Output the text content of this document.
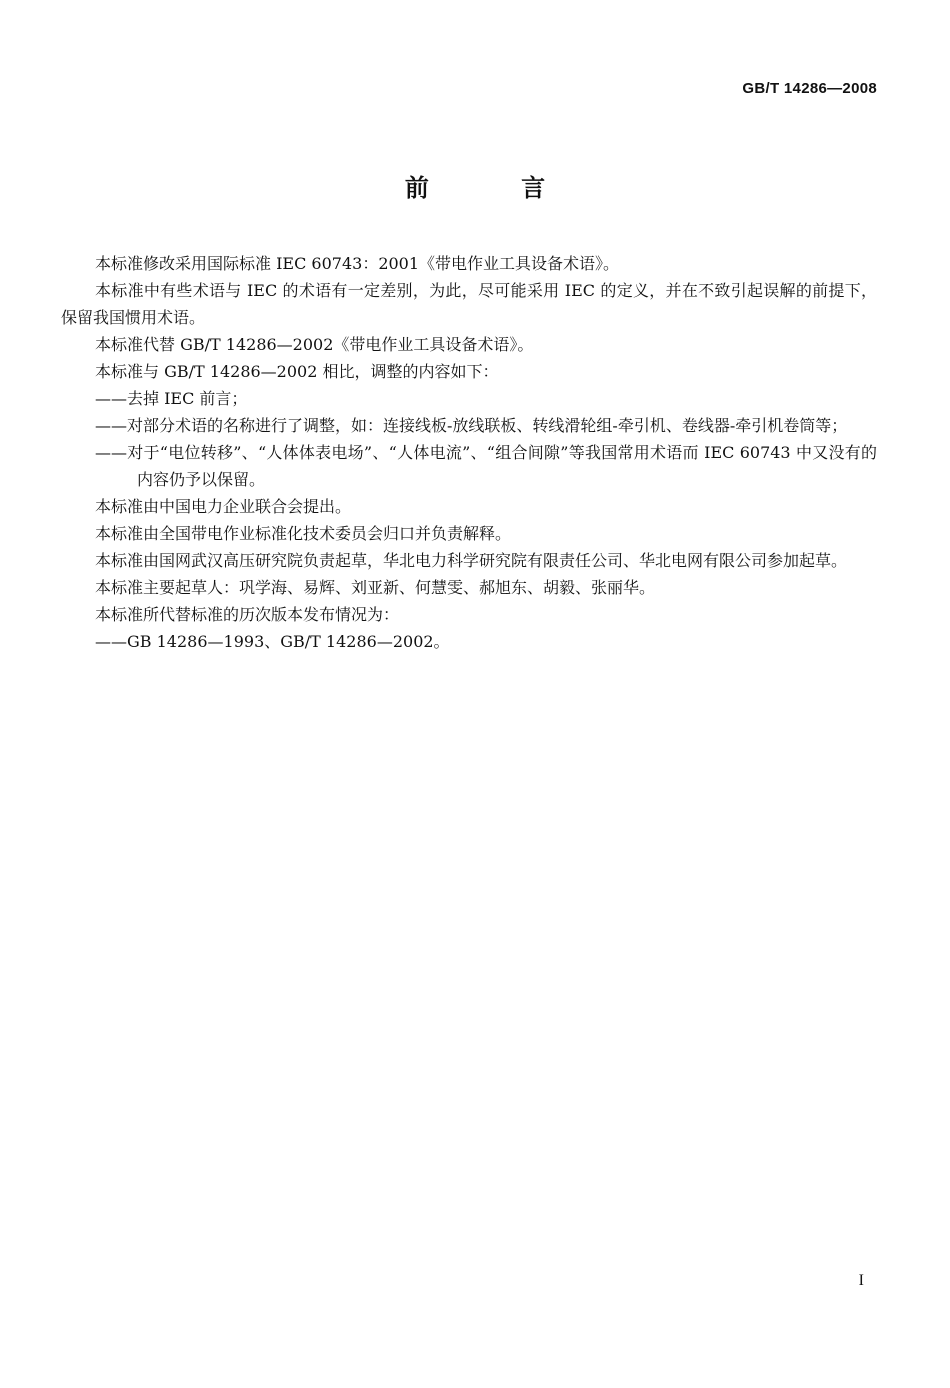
GB/T 14286—2008
前 言

本标准修改采用国际标准 IEC 60743：2001《带电作业工具设备术语》。

本标准中有些术语与 IEC 的术语有一定差别，为此，尽可能采用 IEC 的定义，并在不致引起误解的前提下，保留我国惯用术语。

本标准代替 GB/T 14286—2002《带电作业工具设备术语》。

本标准与 GB/T 14286—2002 相比，调整的内容如下：

——去掉 IEC 前言；

——对部分术语的名称进行了调整，如：连接线板-放线联板、转线滑轮组-牵引机、卷线器-牵引机卷筒等；

——对于“电位转移”、“人体体表电场”、“人体电流”、“组合间隙”等我国常用术语而 IEC 60743 中又没有的内容仍予以保留。

本标准由中国电力企业联合会提出。

本标准由全国带电作业标准化技术委员会归口并负责解释。

本标准由国网武汉高压研究院负责起草，华北电力科学研究院有限责任公司、华北电网有限公司参加起草。

本标准主要起草人：巩学海、易辉、刘亚新、何慧雯、郝旭东、胡毅、张丽华。

本标准所代替标准的历次版本发布情况为：

——GB 14286—1993、GB/T 14286—2002。

I
